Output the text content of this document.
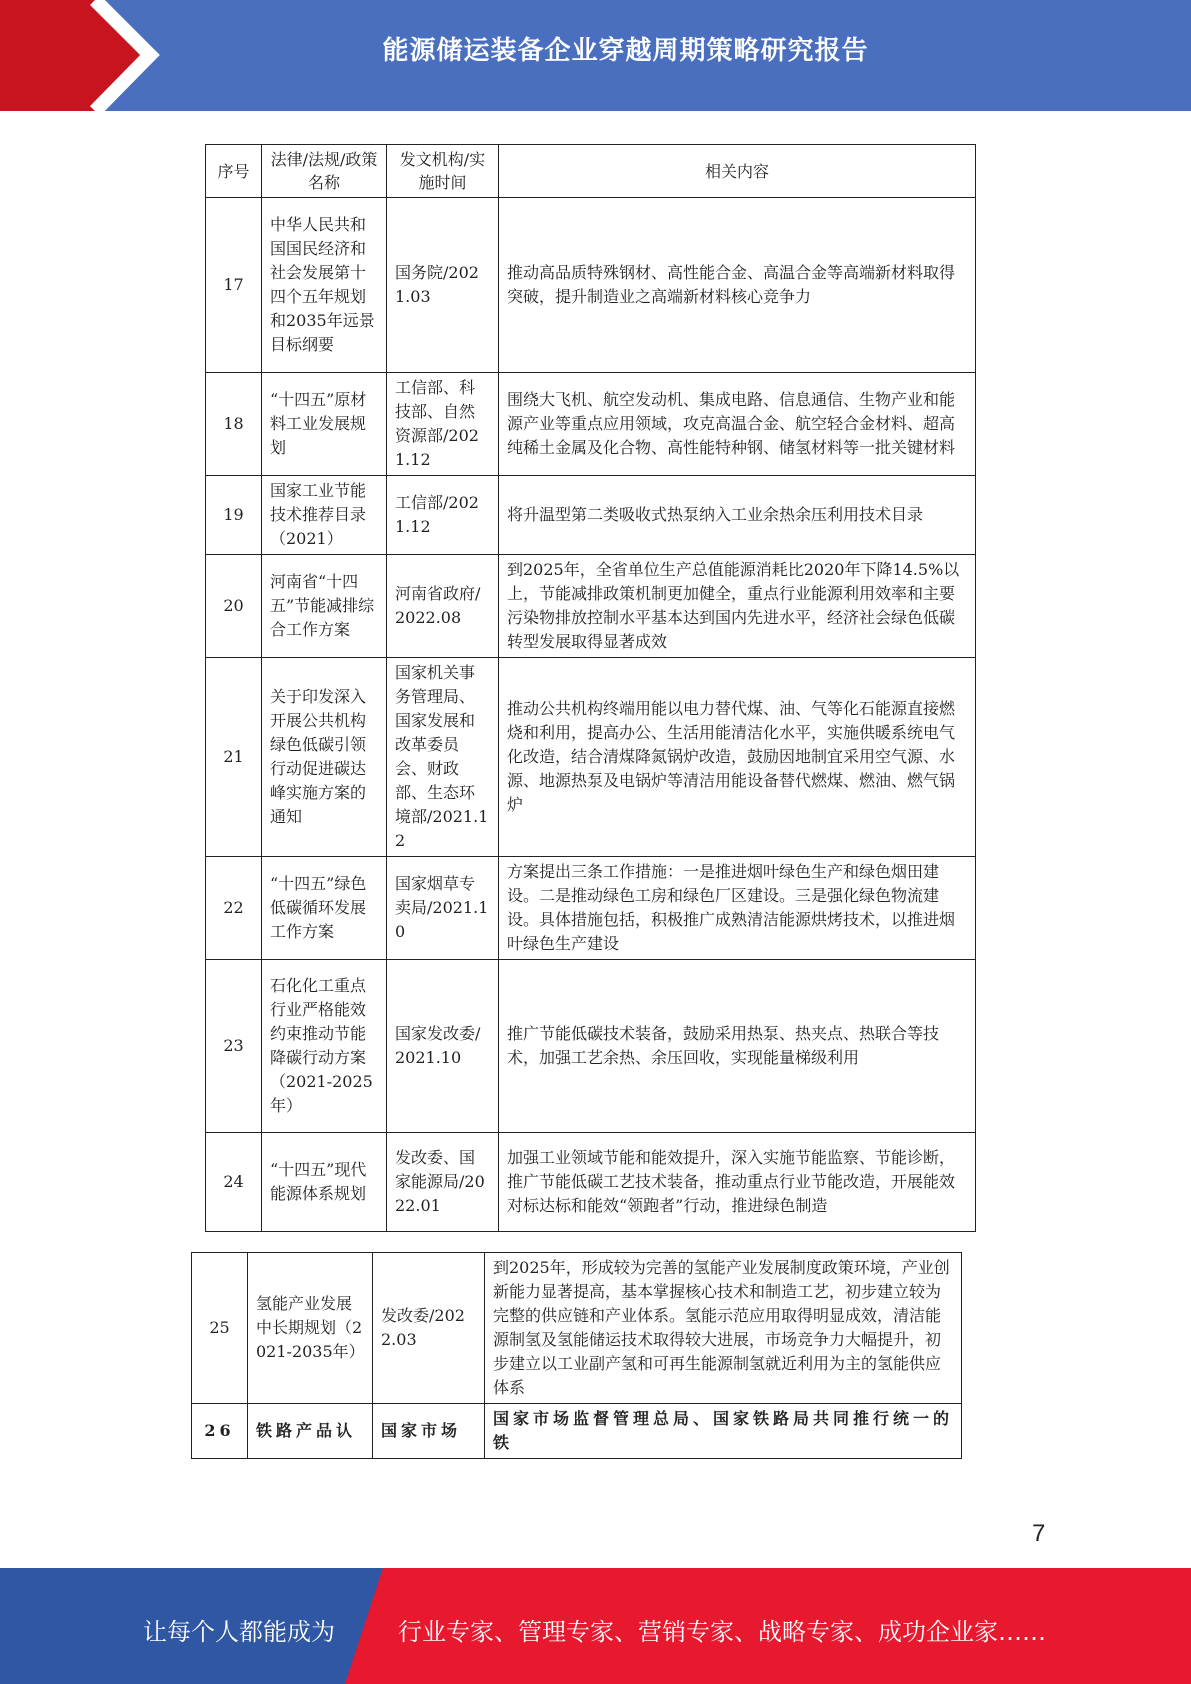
能源储运装备企业穿越周期策略研究报告
序号	法律/法规/政策名称	发文机构/实施时间	相关内容
17	中华人民共和国国民经济和社会发展第十四个五年规划和2035年远景目标纲要	国务院/2021.03	推动高品质特殊钢材、高性能合金、高温合金等高端新材料取得突破，提升制造业之高端新材料核心竞争力
18	“十四五”原材料工业发展规划	工信部、科技部、自然资源部/2021.12	围绕大飞机、航空发动机、集成电路、信息通信、生物产业和能源产业等重点应用领域，攻克高温合金、航空轻合金材料、超高纯稀土金属及化合物、高性能特种钢、储氢材料等一批关键材料
19	国家工业节能技术推荐目录（2021）	工信部/2021.12	将升温型第二类吸收式热泵纳入工业余热余压利用技术目录
20	河南省“十四五”节能减排综合工作方案	河南省政府/2022.08	到2025年，全省单位生产总值能源消耗比2020年下降14.5%以上，节能减排政策机制更加健全，重点行业能源利用效率和主要污染物排放控制水平基本达到国内先进水平，经济社会绿色低碳转型发展取得显著成效
21	关于印发深入开展公共机构绿色低碳引领行动促进碳达峰实施方案的通知	国家机关事务管理局、国家发展和改革委员会、财政部、生态环境部/2021.12	推动公共机构终端用能以电力替代煤、油、气等化石能源直接燃烧和利用，提高办公、生活用能清洁化水平，实施供暖系统电气化改造，结合清煤降氮锅炉改造，鼓励因地制宜采用空气源、水源、地源热泵及电锅炉等清洁用能设备替代燃煤、燃油、燃气锅炉
22	“十四五”绿色低碳循环发展工作方案	国家烟草专卖局/2021.10	方案提出三条工作措施：一是推进烟叶绿色生产和绿色烟田建设。二是推动绿色工房和绿色厂区建设。三是强化绿色物流建设。具体措施包括，积极推广成熟清洁能源烘烤技术，以推进烟叶绿色生产建设
23	石化化工重点行业严格能效约束推动节能降碳行动方案（2021-2025年）	国家发改委/2021.10	推广节能低碳技术装备，鼓励采用热泵、热夹点、热联合等技术，加强工艺余热、余压回收，实现能量梯级利用
24	“十四五”现代能源体系规划	发改委、国家能源局/2022.01	加强工业领域节能和能效提升，深入实施节能监察、节能诊断，推广节能低碳工艺技术装备，推动重点行业节能改造，开展能效对标达标和能效“领跑者”行动，推进绿色制造
25	氢能产业发展中长期规划（2021-2035年）	发改委/2022.03	到2025年，形成较为完善的氢能产业发展制度政策环境，产业创新能力显著提高，基本掌握核心技术和制造工艺，初步建立较为完整的供应链和产业体系。氢能示范应用取得明显成效，清洁能源制氢及氢能储运技术取得较大进展，市场竞争力大幅提升，初步建立以工业副产氢和可再生能源制氢就近利用为主的氢能供应体系
26	铁路产品认	国家市场	国家市场监督管理总局、国家铁路局共同推行统一的铁
7
让每个人都能成为	行业专家、管理专家、营销专家、战略专家、成功企业家……
